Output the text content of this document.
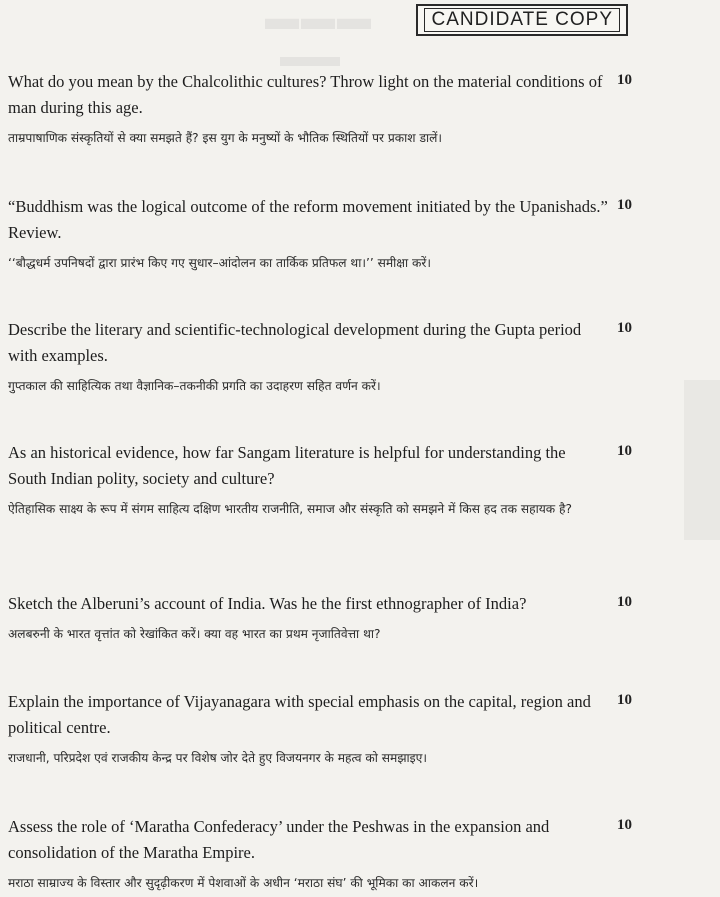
▬▬▬
▬▬
CANDIDATE COPY
What do you mean by the Chalcolithic cultures? Throw light on the material conditions of man during this age.
ताम्रपाषाणिक संस्कृतियों से क्या समझते हैं? इस युग के मनुष्यों के भौतिक स्थितियों पर प्रकाश डालें।
10
“Buddhism was the logical outcome of the reform movement initiated by the Upanishads.” Review.
‘‘बौद्धधर्म उपनिषदों द्वारा प्रारंभ किए गए सुधार–आंदोलन का तार्किक प्रतिफल था।’’ समीक्षा करें।
10
Describe the literary and scientific-technological development during the Gupta period with examples.
गुप्तकाल की साहित्यिक तथा वैज्ञानिक–तकनीकी प्रगति का उदाहरण सहित वर्णन करें।
10
As an historical evidence, how far Sangam literature is helpful for understanding the South Indian polity, society and culture?
ऐतिहासिक साक्ष्य के रूप में संगम साहित्य दक्षिण भारतीय राजनीति, समाज और संस्कृति को समझने में किस हद तक सहायक है?
10
Sketch the Alberuni’s account of India. Was he the first ethnographer of India?
अलबरुनी के भारत वृत्तांत को रेखांकित करें। क्या वह भारत का प्रथम नृजातिवेत्ता था?
10
Explain the importance of Vijayanagara with special emphasis on the capital, region and political centre.
राजधानी, परिप्रदेश एवं राजकीय केन्द्र पर विशेष जोर देते हुए विजयनगर के महत्व को समझाइए।
10
Assess the role of ‘Maratha Confederacy’ under the Peshwas in the expansion and consolidation of the Maratha Empire.
मराठा साम्राज्य के विस्तार और सुदृढ़ीकरण में पेशवाओं के अधीन ‘मराठा संघ’ की भूमिका का आकलन करें।
10
